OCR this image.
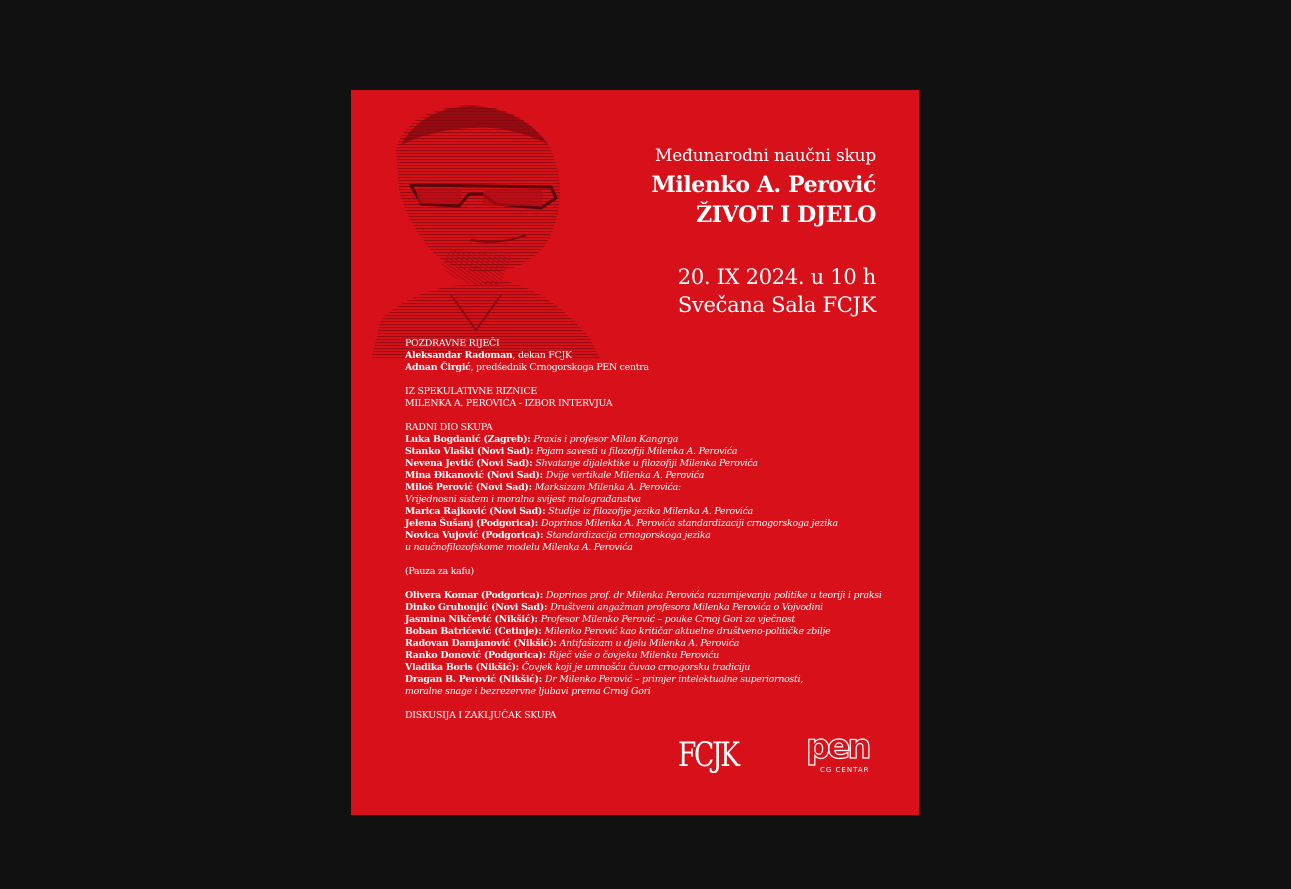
Međunarodni naučni skup
Milenko A. Perović
ŽIVOT I DJELO
20. IX 2024. u 10 h
Svečana Sala FCJK
POZDRAVNE RIJEČI
Aleksandar Radoman, dekan FCJK
Adnan Čirgić, predśednik Crnogorskoga PEN centra
IZ SPEKULATIVNE RIZNICE
MILENKA A. PEROVIĆA - IZBOR INTERVJUA
RADNI DIO SKUPA
Luka Bogdanić (Zagreb): Praxis i profesor Milan Kangrga
Stanko Vlaški (Novi Sad): Pojam savesti u filozofiji Milenka A. Perovića
Nevena Jevtić (Novi Sad): Shvatanje dijalektike u filozofiji Milenka Perovića
Mina Đikanović (Novi Sad): Dvije vertikale Milenka A. Perovića
Miloš Perović (Novi Sad): Marksizam Milenka A. Perovića:
Vrijednosni sistem i moralna svijest malograđanstva
Marica Rajković (Novi Sad): Studije iz filozofije jezika Milenka A. Perovića
Jelena Šušanj (Podgorica): Doprinos Milenka A. Perovića standardizaciji crnogorskoga jezika
Novica Vujović (Podgorica): Standardizacija crnogorskoga jezika
u naučnofilozofskome modelu Milenka A. Perovića
(Pauza za kafu)
Olivera Komar (Podgorica): Doprinos prof. dr Milenka Perovića razumijevanju politike u teoriji i praksi
Dinko Gruhonjić (Novi Sad): Društveni angažman profesora Milenka Perovića o Vojvodini
Jasmina Nikčević (Nikšić): Profesor Milenko Perović – pouke Crnoj Gori za vječnost
Boban Batrićević (Cetinje): Milenko Perović kao kritičar aktuelne društveno-političke zbilje
Radovan Damjanović (Nikšić): Antifašizam u djelu Milenka A. Perovića
Ranko Donović (Podgorica): Riječ više o čovjeku Milenku Peroviću
Vladika Boris (Nikšić): Čovjek koji je umnošću čuvao crnogorsku tradiciju
Dragan B. Perović (Nikšić): Dr Milenko Perović – primjer intelektualne superiornosti,
moralne snage i bezrezervne ljubavi prema Crnoj Gori
DISKUSIJA I ZAKLJUČAK SKUPA
FCJK pen
CG CENTAR
